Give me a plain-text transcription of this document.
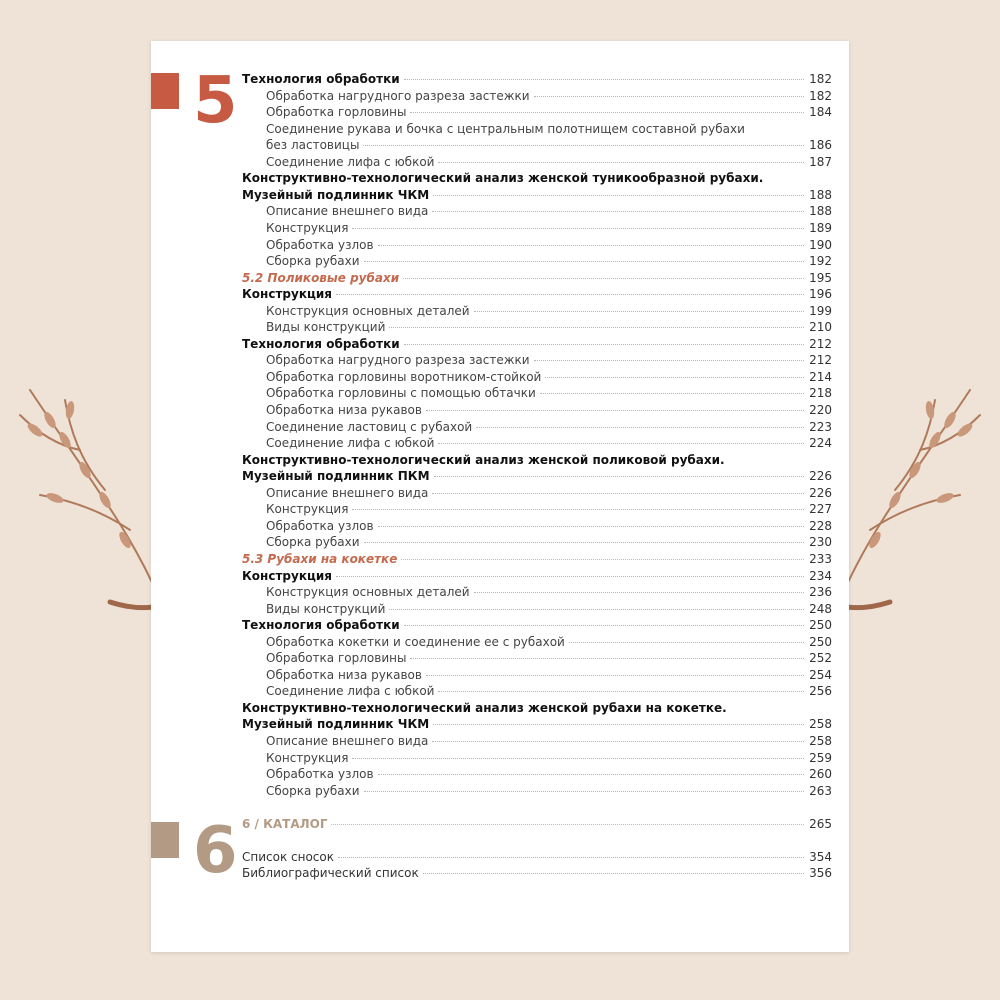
5
6
Технология обработки	182
Обработка нагрудного разреза застежки	182
Обработка горловины	184
Соединение рукава и бочка с центральным полотнищем составной рубахи
без ластовицы	186
Соединение лифа с юбкой	187
Конструктивно-технологический анализ женской туникообразной рубахи.
Музейный подлинник ЧКМ	188
Описание внешнего вида	188
Конструкция	189
Обработка узлов	190
Сборка рубахи	192
5.2 Поликовые рубахи	195
Конструкция	196
Конструкция основных деталей	199
Виды конструкций	210
Технология обработки	212
Обработка нагрудного разреза застежки	212
Обработка горловины воротником-стойкой	214
Обработка горловины с помощью обтачки	218
Обработка низа рукавов	220
Соединение ластовиц с рубахой	223
Соединение лифа с юбкой	224
Конструктивно-технологический анализ женской поликовой рубахи.
Музейный подлинник ПКМ	226
Описание внешнего вида	226
Конструкция	227
Обработка узлов	228
Сборка рубахи	230
5.3 Рубахи на кокетке	233
Конструкция	234
Конструкция основных деталей	236
Виды конструкций	248
Технология обработки	250
Обработка кокетки и соединение ее с рубахой	250
Обработка горловины	252
Обработка низа рукавов	254
Соединение лифа с юбкой	256
Конструктивно-технологический анализ женской рубахи на кокетке.
Музейный подлинник ЧКМ	258
Описание внешнего вида	258
Конструкция	259
Обработка узлов	260
Сборка рубахи	263
6 / КАТАЛОГ	265
Список сносок	354
Библиографический список	356
